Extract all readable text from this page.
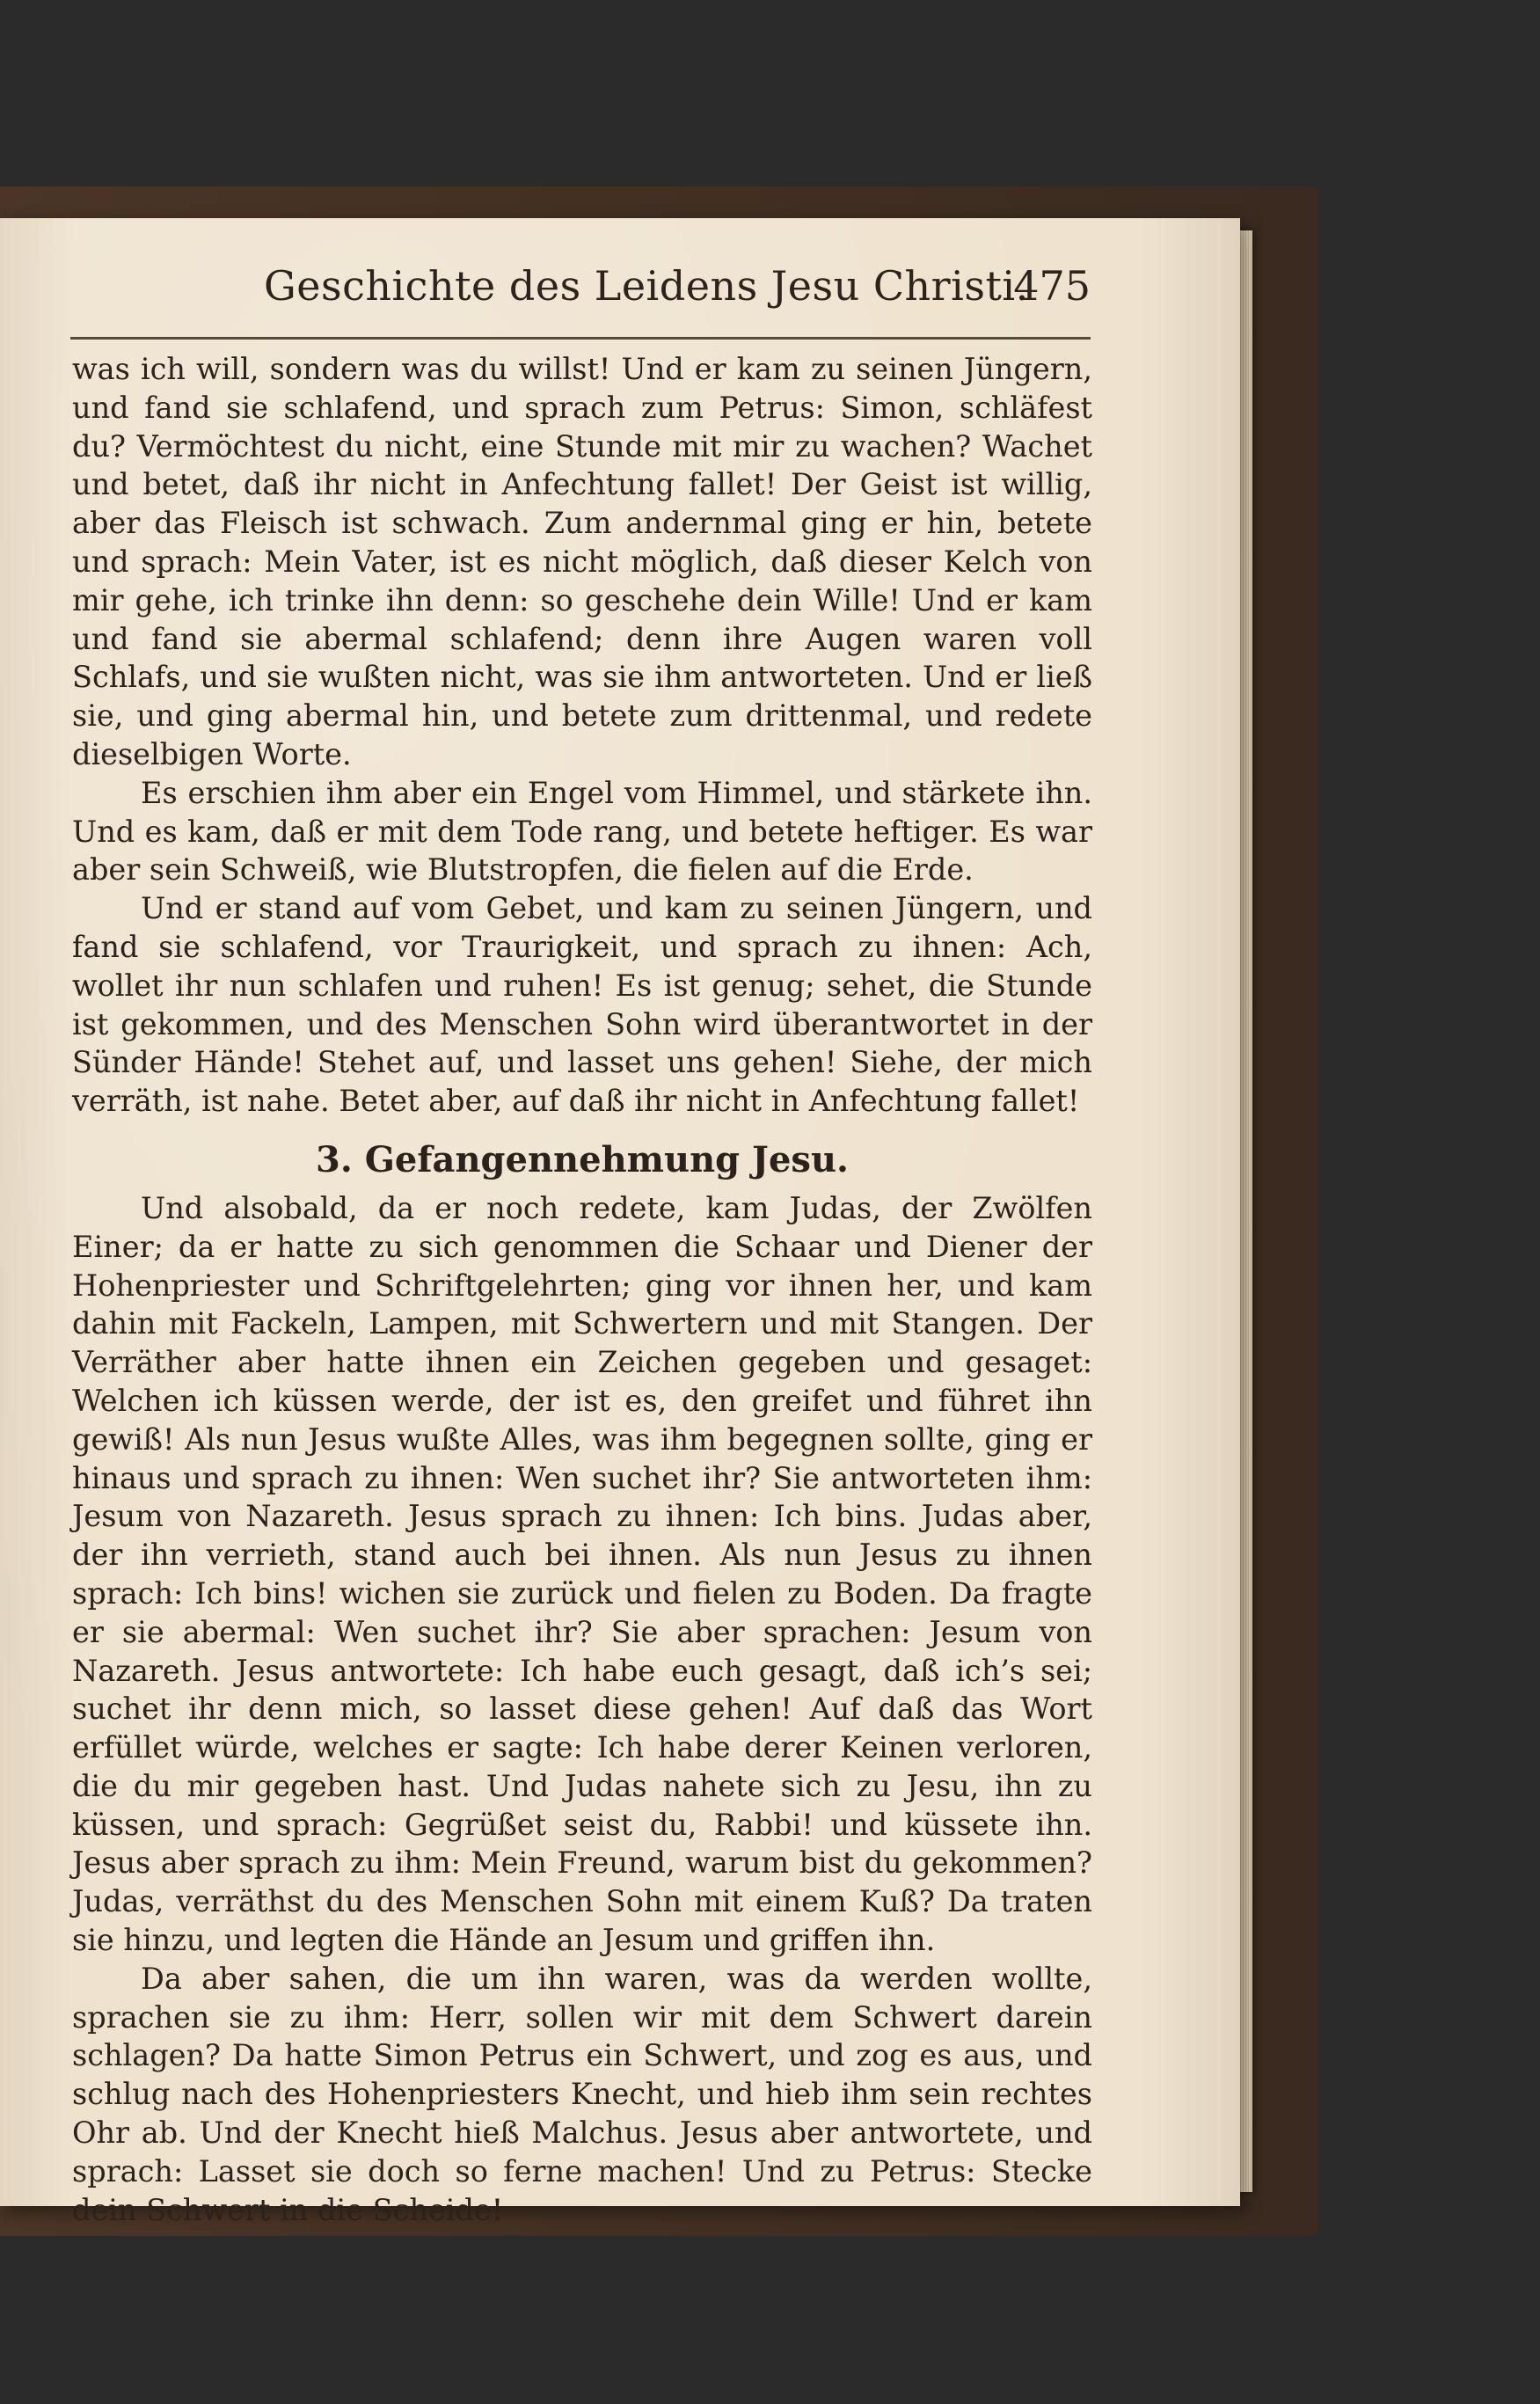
Geschichte des Leidens Jesu Christi.
475

was ich will, sondern was du willst! Und er kam zu seinen Jüngern, und fand sie schlafend, und sprach zum Petrus: Simon, schläfest du? Vermöchtest du nicht, eine Stunde mit mir zu wachen? Wachet und betet, daß ihr nicht in Anfechtung fallet! Der Geist ist willig, aber das Fleisch ist schwach. Zum andernmal ging er hin, betete und sprach: Mein Vater, ist es nicht möglich, daß dieser Kelch von mir gehe, ich trinke ihn denn: so geschehe dein Wille! Und er kam und fand sie abermal schlafend; denn ihre Augen waren voll Schlafs, und sie wußten nicht, was sie ihm antworteten. Und er ließ sie, und ging abermal hin, und betete zum drittenmal, und redete dieselbigen Worte.

Es erschien ihm aber ein Engel vom Himmel, und stärkete ihn. Und es kam, daß er mit dem Tode rang, und betete heftiger. Es war aber sein Schweiß, wie Blutstropfen, die fielen auf die Erde.

Und er stand auf vom Gebet, und kam zu seinen Jüngern, und fand sie schlafend, vor Traurigkeit, und sprach zu ihnen: Ach, wollet ihr nun schlafen und ruhen! Es ist genug; sehet, die Stunde ist gekommen, und des Menschen Sohn wird überantwortet in der Sünder Hände! Stehet auf, und lasset uns gehen! Siehe, der mich verräth, ist nahe. Betet aber, auf daß ihr nicht in Anfechtung fallet!

3. Gefangennehmung Jesu.

Und alsobald, da er noch redete, kam Judas, der Zwölfen Einer; da er hatte zu sich genommen die Schaar und Diener der Hohenpriester und Schriftgelehrten; ging vor ihnen her, und kam dahin mit Fackeln, Lampen, mit Schwertern und mit Stangen. Der Verräther aber hatte ihnen ein Zeichen gegeben und gesaget: Welchen ich küssen werde, der ist es, den greifet und führet ihn gewiß! Als nun Jesus wußte Alles, was ihm begegnen sollte, ging er hinaus und sprach zu ihnen: Wen suchet ihr? Sie antworteten ihm: Jesum von Nazareth. Jesus sprach zu ihnen: Ich bins. Judas aber, der ihn verrieth, stand auch bei ihnen. Als nun Jesus zu ihnen sprach: Ich bins! wichen sie zurück und fielen zu Boden. Da fragte er sie abermal: Wen suchet ihr? Sie aber sprachen: Jesum von Nazareth. Jesus antwortete: Ich habe euch gesagt, daß ich’s sei; suchet ihr denn mich, so lasset diese gehen! Auf daß das Wort erfüllet würde, welches er sagte: Ich habe derer Keinen verloren, die du mir gegeben hast. Und Judas nahete sich zu Jesu, ihn zu küssen, und sprach: Gegrüßet seist du, Rabbi! und küssete ihn. Jesus aber sprach zu ihm: Mein Freund, warum bist du gekommen? Judas, verräthst du des Menschen Sohn mit einem Kuß? Da traten sie hinzu, und legten die Hände an Jesum und griffen ihn.

Da aber sahen, die um ihn waren, was da werden wollte, sprachen sie zu ihm: Herr, sollen wir mit dem Schwert darein schlagen? Da hatte Simon Petrus ein Schwert, und zog es aus, und schlug nach des Hohenpriesters Knecht, und hieb ihm sein rechtes Ohr ab. Und der Knecht hieß Malchus. Jesus aber antwortete, und sprach: Lasset sie doch so ferne machen! Und zu Petrus: Stecke dein Schwert in die Scheide!
